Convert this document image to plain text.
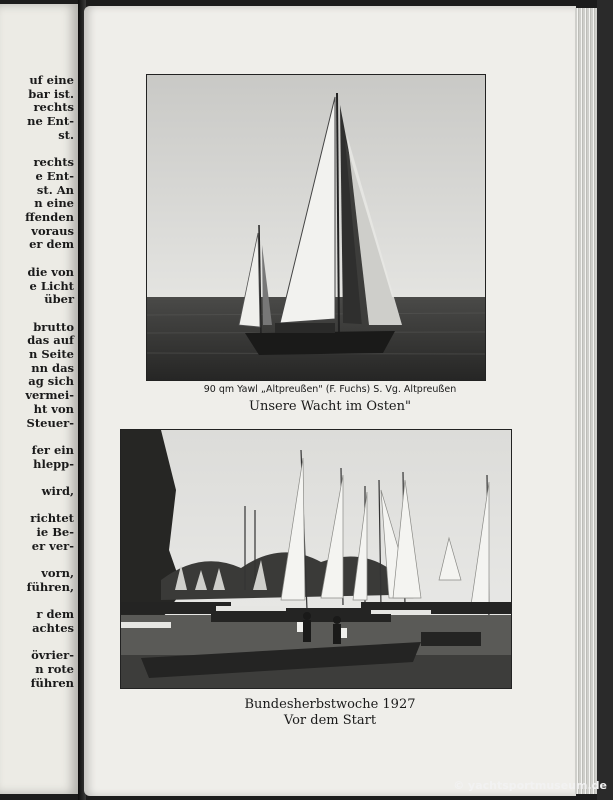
uf eine
bar ist.
rechts
ne Ent-
st.
rechts
e Ent-
st. An
n eine
ffenden
voraus
er dem
die von
e Licht
über
brutto
das auf
n Seite
nn das
ag sich
vermei-
ht von
Steuer-
fer ein
hlepp-
wird,
richtet
ie Be-
er ver-
vorn,
führen,
r dem
achtes
övrier-
n rote
führen
90 qm Yawl „Altpreußen" (F. Fuchs) S. Vg. Altpreußen
Unsere Wacht im Osten"
Bundesherbstwoche 1927
Vor dem Start
© yachtsportmuseum.de
